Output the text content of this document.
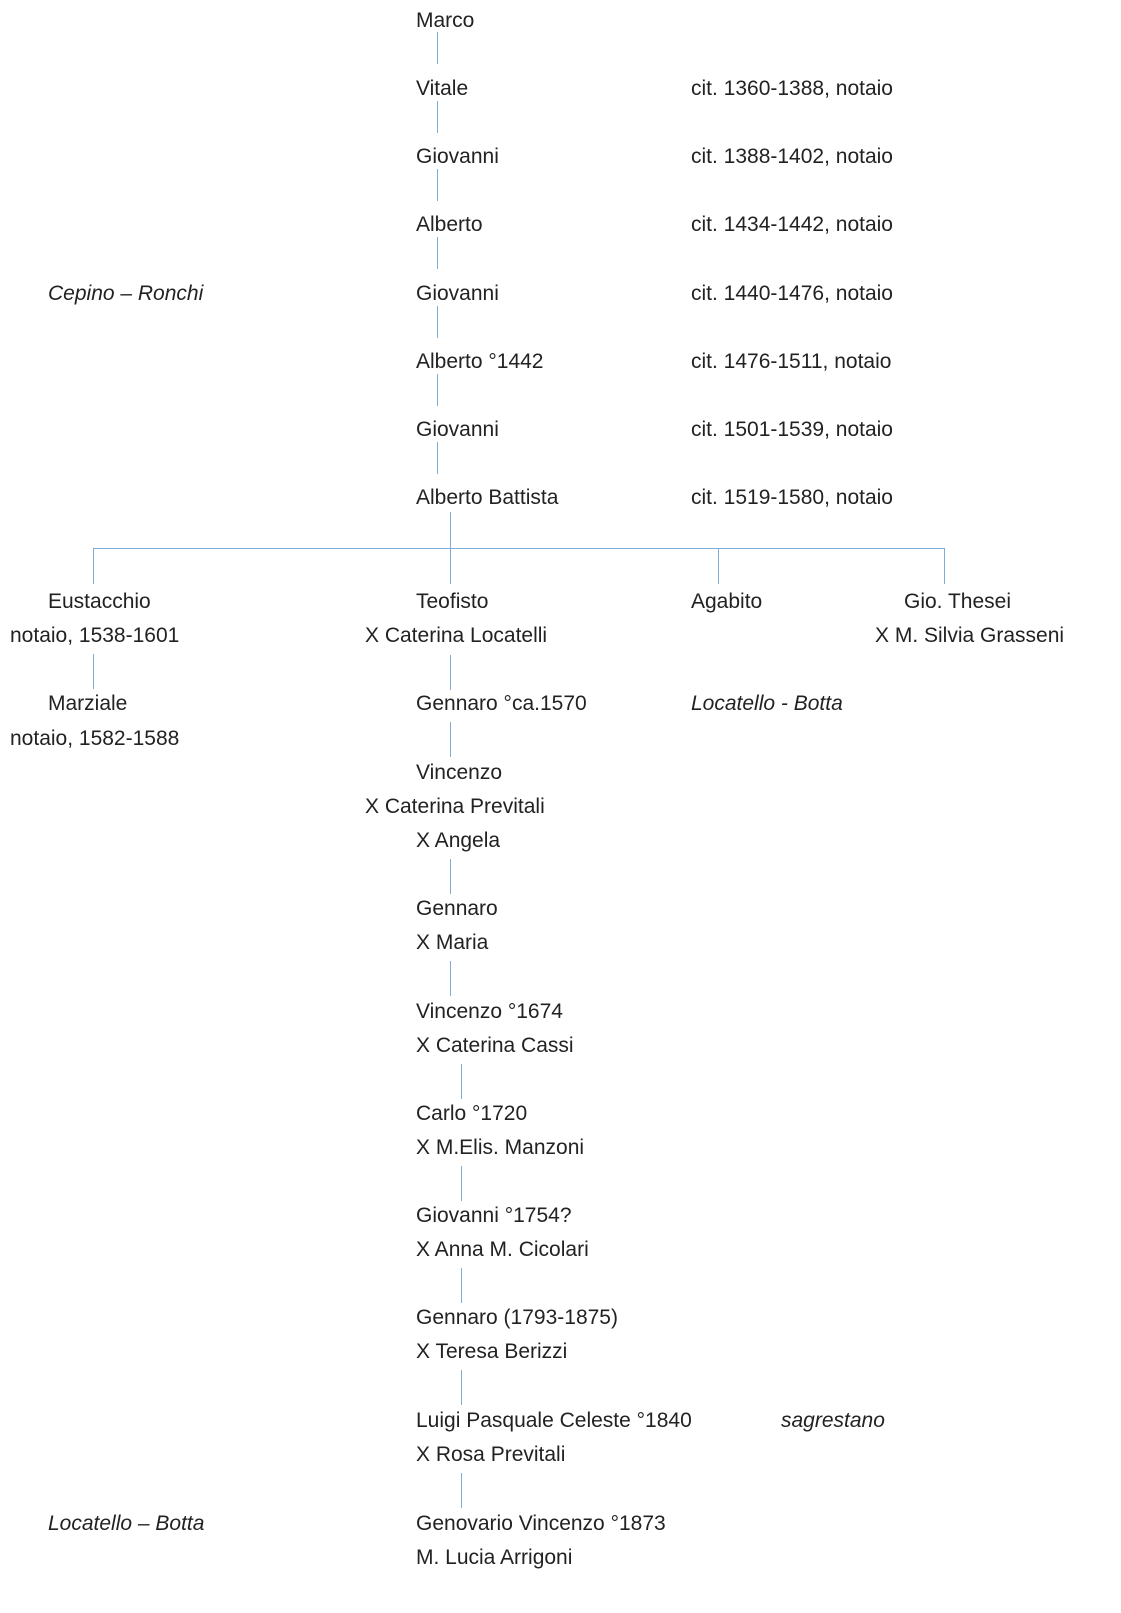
Marco
Vitale	cit. 1360-1388, notaio
Giovanni	cit. 1388-1402, notaio
Alberto	cit. 1434-1442, notaio
Cepino – Ronchi	Giovanni	cit. 1440-1476, notaio
Alberto °1442	cit. 1476-1511, notaio
Giovanni	cit. 1501-1539, notaio
Alberto Battista	cit. 1519-1580, notaio
Eustacchio
notaio, 1538-1601
Marziale
notaio, 1582-1588
Teofisto
X Caterina Locatelli
Agabito
Locatello - Botta
Gio. Thesei
X M. Silvia Grasseni
Gennaro °ca.1570
Vincenzo
X Caterina Previtali
X Angela
Gennaro
X Maria
Vincenzo °1674
X Caterina Cassi
Carlo °1720
X M.Elis. Manzoni
Giovanni °1754?
X Anna M. Cicolari
Gennaro (1793-1875)
X Teresa Berizzi
Luigi Pasquale Celeste °1840	sagrestano
X Rosa Previtali
Locatello – Botta	Genovario Vincenzo °1873
M. Lucia Arrigoni
